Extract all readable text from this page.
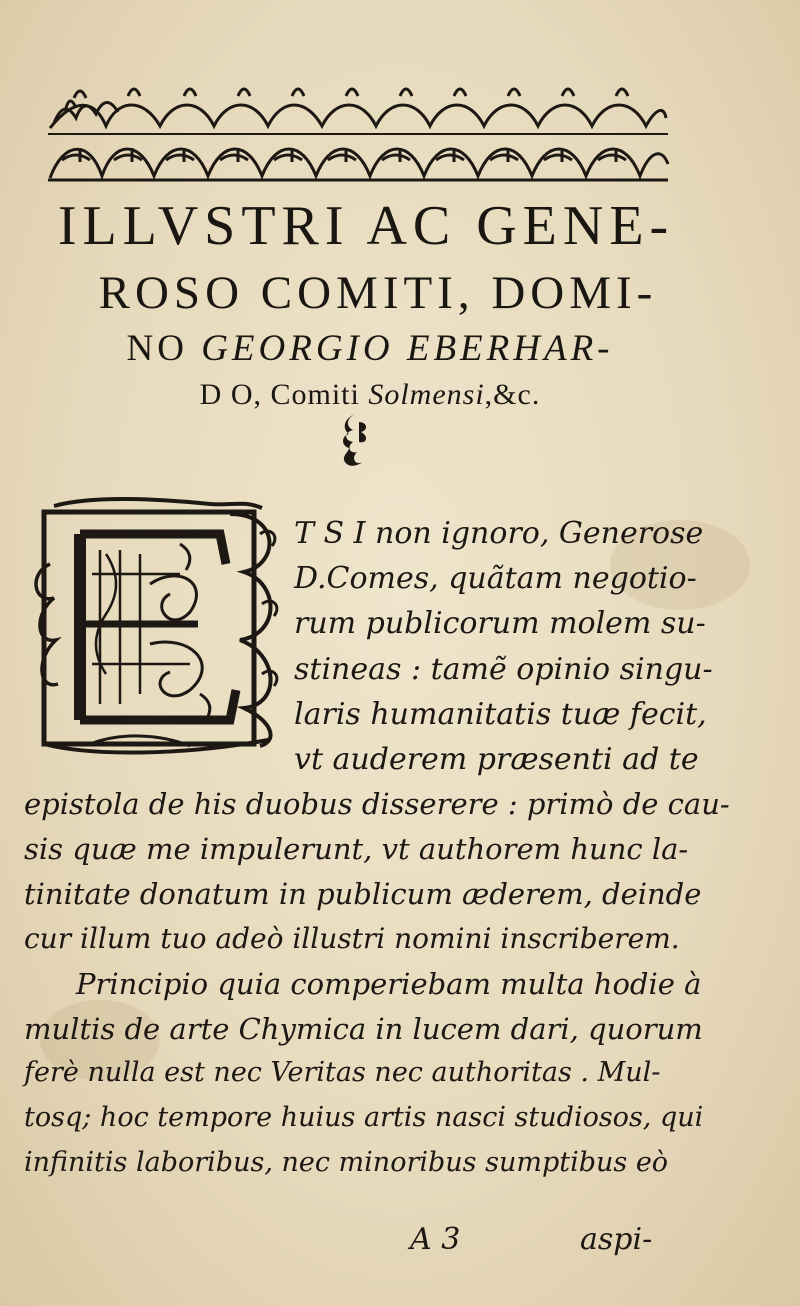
ILLVSTRI AC GENE-
ROSO COMITI, DOMI-
NO GEORGIO EBERHAR-
D O, Comiti Solmensi,&c.
T S I non ignoro, Generose
D.Comes, quãtam negotio-
rum publicorum molem su-
stineas : tamẽ opinio singu-
laris humanitatis tuæ fecit,
vt auderem præsenti ad te
epistola de his duobus disserere : primò de cau-
sis quæ me impulerunt, vt authorem hunc la-
tinitate donatum in publicum æderem, deinde
cur illum tuo adeò illustri nomini inscriberem.
Principio quia comperiebam multa hodie à
multis de arte Chymica in lucem dari, quorum
ferè nulla est nec Veritas nec authoritas . Mul-
tosq; hoc tempore huius artis nasci studiosos, qui
infinitis laboribus, nec minoribus sumptibus eò
A 3	aspi-
